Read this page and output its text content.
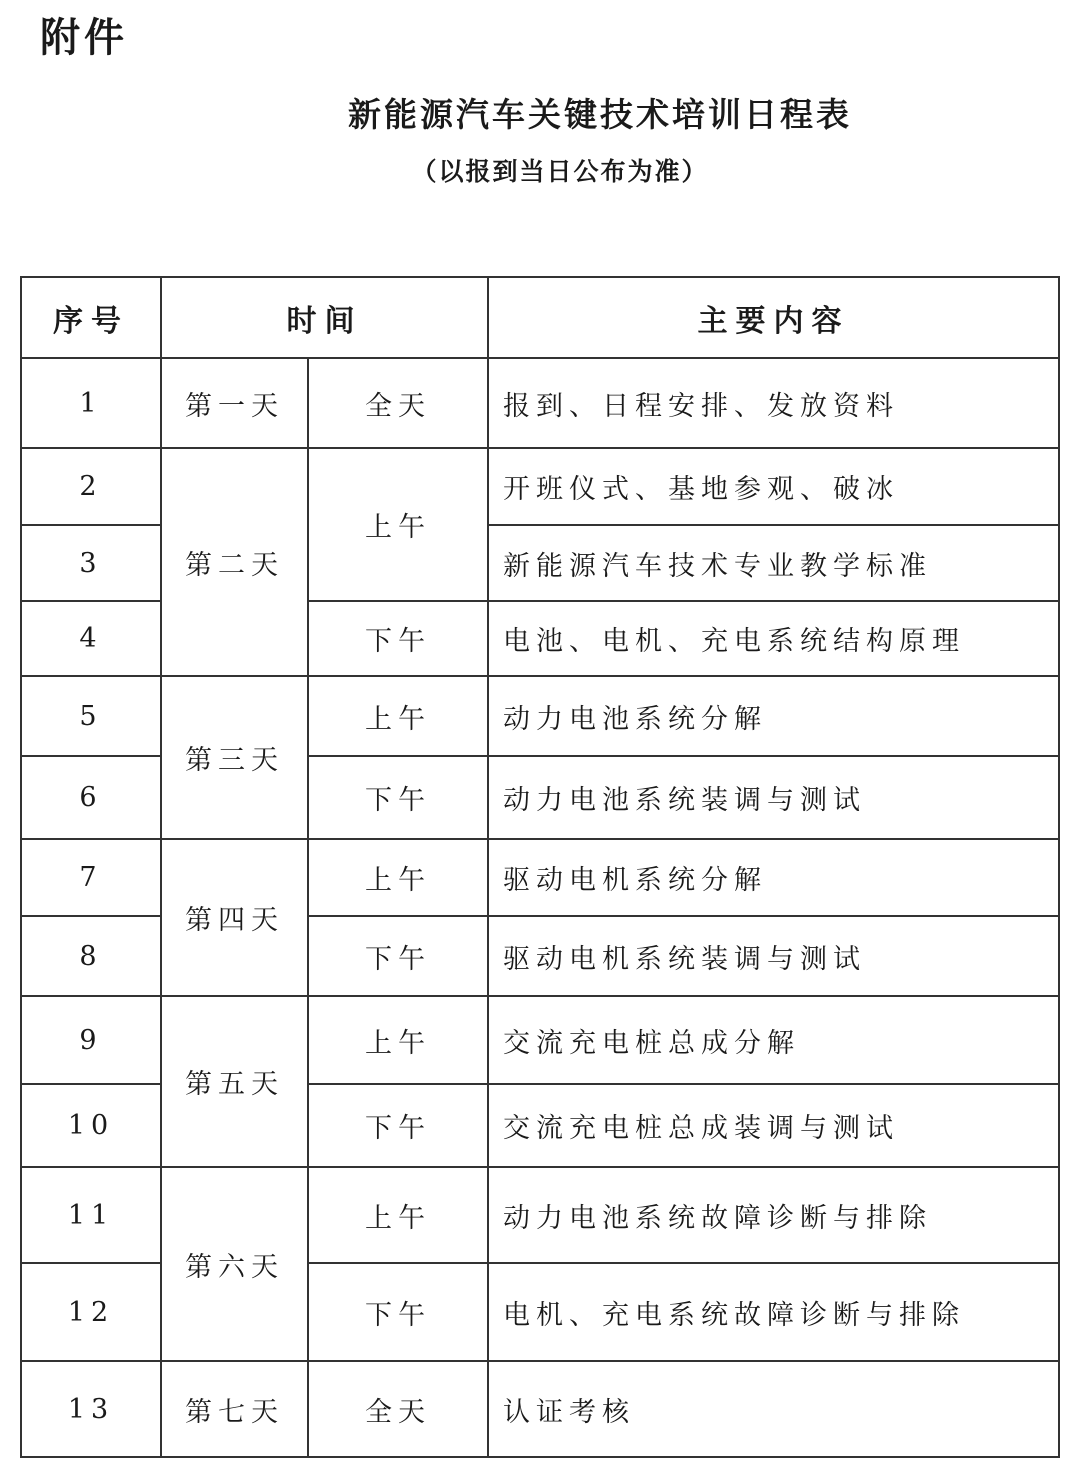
附件
新能源汽车关键技术培训日程表
（以报到当日公布为准）
序号	时间		主要内容
1	第一天	全天	报到、日程安排、发放资料
2	第二天	上午	开班仪式、基地参观、破冰
3			新能源汽车技术专业教学标准
4		下午	电池、电机、充电系统结构原理
5	第三天	上午	动力电池系统分解
6		下午	动力电池系统装调与测试
7	第四天	上午	驱动电机系统分解
8		下午	驱动电机系统装调与测试
9	第五天	上午	交流充电桩总成分解
10		下午	交流充电桩总成装调与测试
11	第六天	上午	动力电池系统故障诊断与排除
12		下午	电机、充电系统故障诊断与排除
13	第七天	全天	认证考核
